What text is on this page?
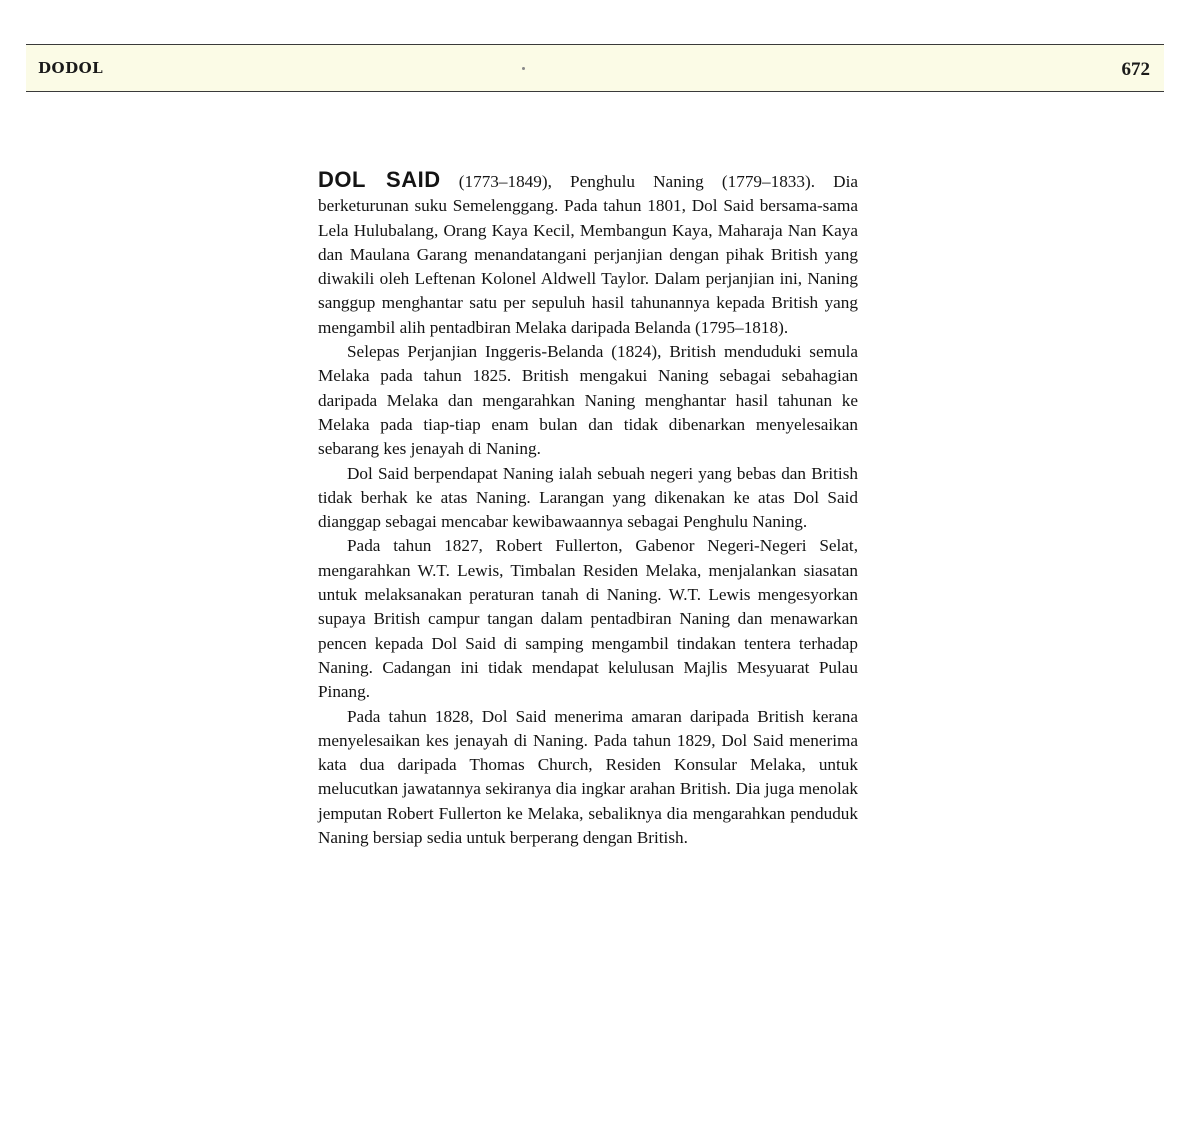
DODOL	672

DOL SAID (1773–1849), Penghulu Naning (1779–1833). Dia berketurunan suku Semelenggang. Pada tahun 1801, Dol Said bersama-sama Lela Hulubalang, Orang Kaya Kecil, Membangun Kaya, Maharaja Nan Kaya dan Maulana Garang menandatangani perjanjian dengan pihak British yang diwakili oleh Leftenan Kolonel Aldwell Taylor. Dalam perjanjian ini, Naning sanggup menghantar satu per sepuluh hasil tahunannya kepada British yang mengambil alih pentadbiran Melaka daripada Belanda (1795–1818).

Selepas Perjanjian Inggeris-Belanda (1824), British menduduki semula Melaka pada tahun 1825. British mengakui Naning sebagai sebahagian daripada Melaka dan mengarahkan Naning menghantar hasil tahunan ke Melaka pada tiap-tiap enam bulan dan tidak dibenarkan menyelesaikan sebarang kes jenayah di Naning.

Dol Said berpendapat Naning ialah sebuah negeri yang bebas dan British tidak berhak ke atas Naning. Larangan yang dikenakan ke atas Dol Said dianggap sebagai mencabar kewibawaannya sebagai Penghulu Naning.

Pada tahun 1827, Robert Fullerton, Gabenor Negeri-Negeri Selat, mengarahkan W.T. Lewis, Timbalan Residen Melaka, menjalankan siasatan untuk melaksanakan peraturan tanah di Naning. W.T. Lewis mengesyorkan supaya British campur tangan dalam pentadbiran Naning dan menawarkan pencen kepada Dol Said di samping mengambil tindakan tentera terhadap Naning. Cadangan ini tidak mendapat kelulusan Majlis Mesyuarat Pulau Pinang.

Pada tahun 1828, Dol Said menerima amaran daripada British kerana menyelesaikan kes jenayah di Naning. Pada tahun 1829, Dol Said menerima kata dua daripada Thomas Church, Residen Konsular Melaka, untuk melucutkan jawatannya sekiranya dia ingkar arahan British. Dia juga menolak jemputan Robert Fullerton ke Melaka, sebaliknya dia mengarahkan penduduk Naning bersiap sedia untuk berperang dengan British.
